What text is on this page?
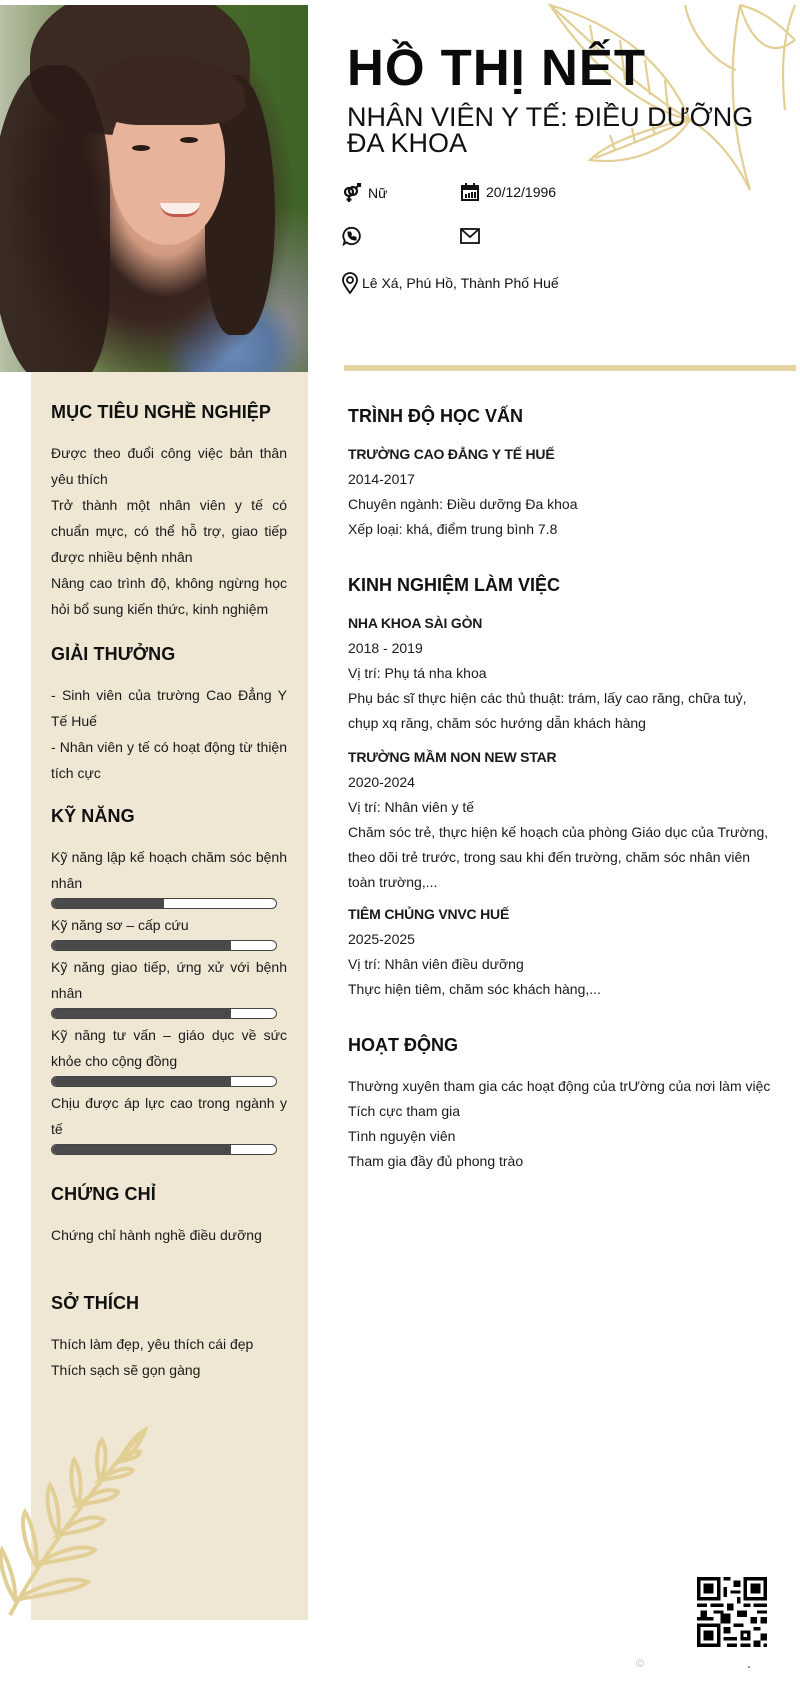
HỒ THỊ NẾT
NHÂN VIÊN Y TẾ: ĐIỀU DƯỠNG ĐA KHOA
Nữ	20/12/1996
Lê Xá, Phú Hồ, Thành Phố Huế
MỤC TIÊU NGHỀ NGHIỆP

Được theo đuổi công việc bản thân yêu thích

Trở thành một nhân viên y tế có chuẩn mực, có thể hỗ trợ, giao tiếp được nhiều bệnh nhân

Nâng cao trình độ, không ngừng học hỏi bổ sung kiến thức, kinh nghiệm

GIẢI THƯỞNG

- Sinh viên của trường Cao Đẳng Y Tế Huế

- Nhân viên y tế có hoạt động từ thiện tích cực

KỸ NĂNG
Kỹ năng lập kế hoạch chăm sóc bệnh nhân
Kỹ năng sơ – cấp cứu
Kỹ năng giao tiếp, ứng xử với bệnh nhân
Kỹ năng tư vấn – giáo dục về sức khỏe cho cộng đồng
Chịu được áp lực cao trong ngành y tế
CHỨNG CHỈ

Chứng chỉ hành nghề điều dưỡng

SỞ THÍCH

Thích làm đẹp, yêu thích cái đẹp

Thích sạch sẽ gọn gàng

TRÌNH ĐỘ HỌC VẤN
TRƯỜNG CAO ĐẲNG Y TẾ HUẾ
2014-2017
Chuyên ngành: Điều dưỡng Đa khoa
Xếp loại: khá, điểm trung bình 7.8
KINH NGHIỆM LÀM VIỆC
NHA KHOA SÀI GÒN
2018 - 2019
Vị trí: Phụ tá nha khoa
Phụ bác sĩ thực hiện các thủ thuật: trám, lấy cao răng, chữa tuỷ, chụp xq răng, chăm sóc hướng dẫn khách hàng
TRƯỜNG MẦM NON NEW STAR
2020-2024
Vị trí: Nhân viên y tế
Chăm sóc trẻ, thực hiện kế hoạch của phòng Giáo dục của Trường, theo dõi trẻ trước, trong sau khi đến trường, chăm sóc nhân viên toàn trường,...
TIÊM CHỦNG VNVC HUẾ
2025-2025
Vị trí: Nhân viên điều dưỡng
Thực hiện tiêm, chăm sóc khách hàng,...
HOẠT ĐỘNG
Thường xuyên tham gia các hoạt động của trƯờng của nơi làm việc
Tích cực tham gia
Tình nguyện viên
Tham gia đầy đủ phong trào
©
